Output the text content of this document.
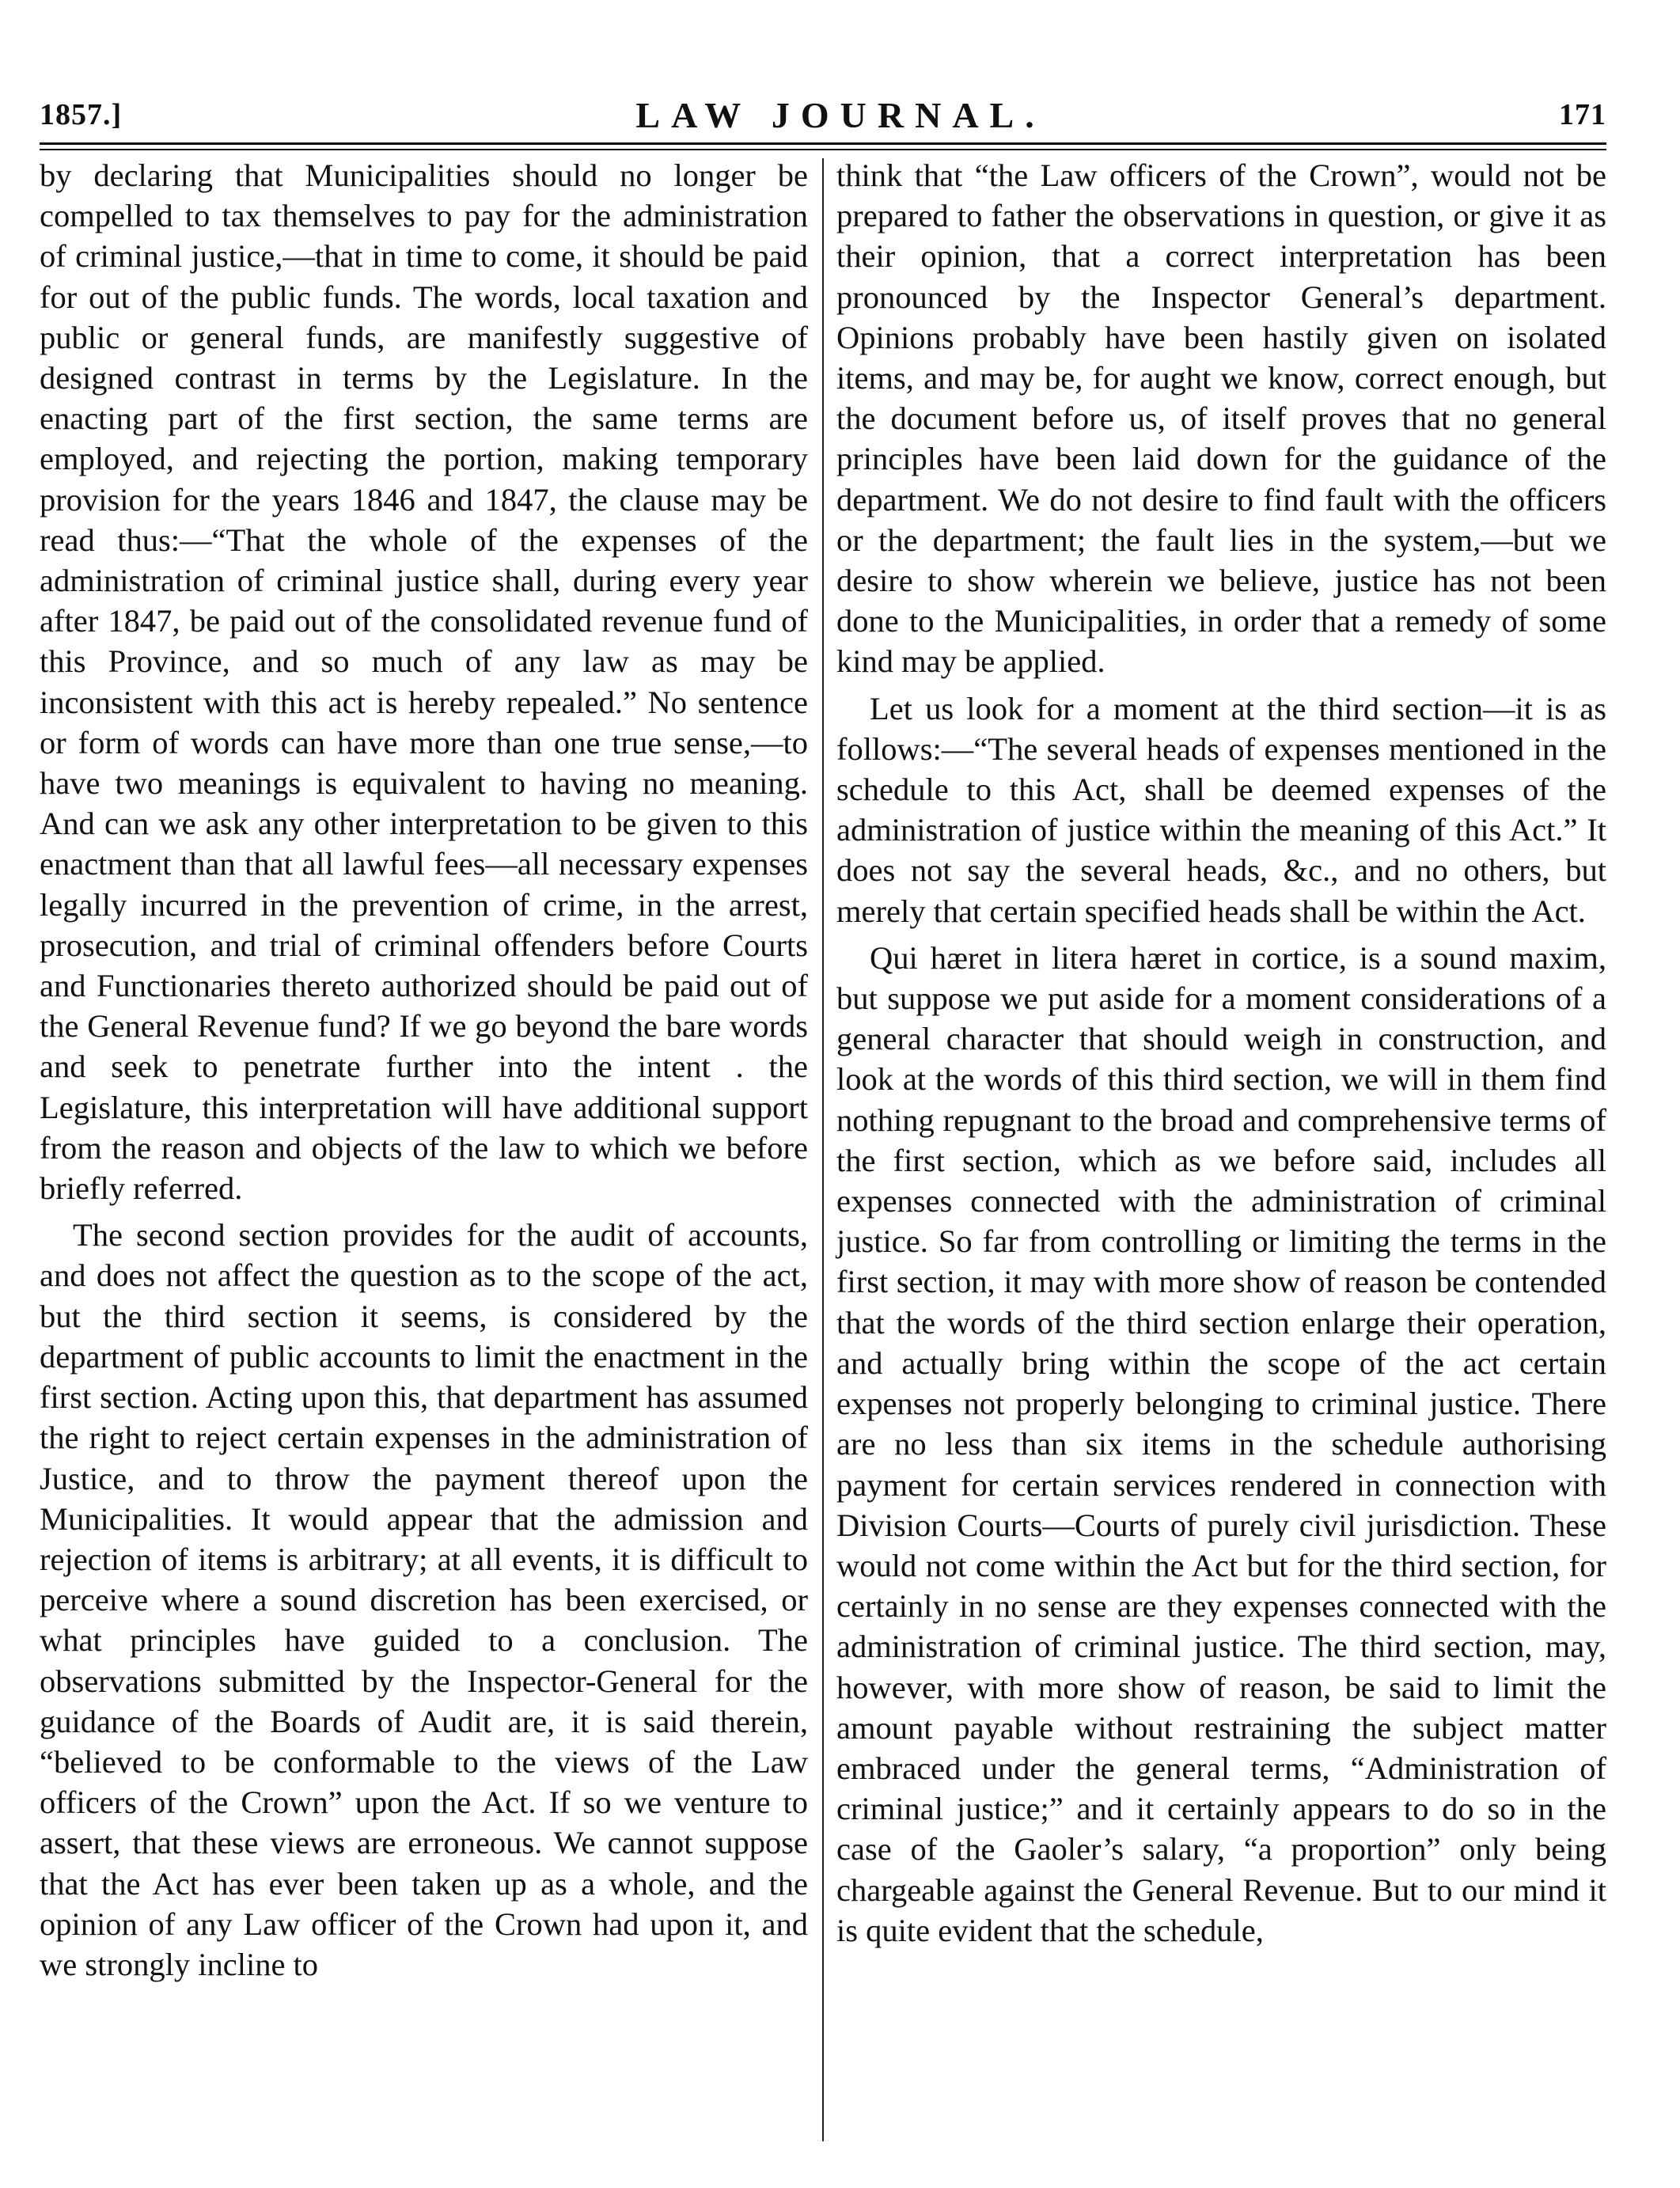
1857.]	LAW JOURNAL.	171

by declaring that Municipalities should no longer be compelled to tax themselves to pay for the administration of criminal justice,—that in time to come, it should be paid for out of the public funds. The words, local taxation and public or general funds, are manifestly suggestive of designed contrast in terms by the Legislature. In the enacting part of the first section, the same terms are employed, and rejecting the portion, making temporary provision for the years 1846 and 1847, the clause may be read thus:—“That the whole of the expenses of the administration of criminal justice shall, during every year after 1847, be paid out of the consolidated revenue fund of this Province, and so much of any law as may be inconsistent with this act is hereby repealed.” No sentence or form of words can have more than one true sense,—to have two meanings is equivalent to having no meaning. And can we ask any other interpretation to be given to this enactment than that all lawful fees—all necessary expenses legally incurred in the prevention of crime, in the arrest, prosecution, and trial of criminal offenders before Courts and Functionaries thereto authorized should be paid out of the General Revenue fund? If we go beyond the bare words and seek to penetrate further into the intent . the Legislature, this interpretation will have additional support from the reason and objects of the law to which we before briefly referred.

The second section provides for the audit of accounts, and does not affect the question as to the scope of the act, but the third section it seems, is considered by the department of public accounts to limit the enactment in the first section. Acting upon this, that department has assumed the right to reject certain expenses in the administration of Justice, and to throw the payment thereof upon the Municipalities. It would appear that the admission and rejection of items is arbitrary; at all events, it is difficult to perceive where a sound discretion has been exercised, or what principles have guided to a conclusion. The observations submitted by the Inspector-General for the guidance of the Boards of Audit are, it is said therein, “believed to be conformable to the views of the Law officers of the Crown” upon the Act. If so we venture to assert, that these views are erroneous. We cannot suppose that the Act has ever been taken up as a whole, and the opinion of any Law officer of the Crown had upon it, and we strongly incline to

think that “the Law officers of the Crown”, would not be prepared to father the observations in question, or give it as their opinion, that a correct interpretation has been pronounced by the Inspector General’s department. Opinions probably have been hastily given on isolated items, and may be, for aught we know, correct enough, but the document before us, of itself proves that no general principles have been laid down for the guidance of the department. We do not desire to find fault with the officers or the department; the fault lies in the system,—but we desire to show wherein we believe, justice has not been done to the Municipalities, in order that a remedy of some kind may be applied.

Let us look for a moment at the third section—it is as follows:—“The several heads of expenses mentioned in the schedule to this Act, shall be deemed expenses of the administration of justice within the meaning of this Act.” It does not say the several heads, &c., and no others, but merely that certain specified heads shall be within the Act.

Qui hæret in litera hæret in cortice, is a sound maxim, but suppose we put aside for a moment considerations of a general character that should weigh in construction, and look at the words of this third section, we will in them find nothing repugnant to the broad and comprehensive terms of the first section, which as we before said, includes all expenses connected with the administration of criminal justice. So far from controlling or limiting the terms in the first section, it may with more show of reason be contended that the words of the third section enlarge their operation, and actually bring within the scope of the act certain expenses not properly belonging to criminal justice. There are no less than six items in the schedule authorising payment for certain services rendered in connection with Division Courts—Courts of purely civil jurisdiction. These would not come within the Act but for the third section, for certainly in no sense are they expenses connected with the administration of criminal justice. The third section, may, however, with more show of reason, be said to limit the amount payable without restraining the subject matter embraced under the general terms, “Administration of criminal justice;” and it certainly appears to do so in the case of the Gaoler’s salary, “a proportion” only being chargeable against the General Revenue. But to our mind it is quite evident that the schedule,
